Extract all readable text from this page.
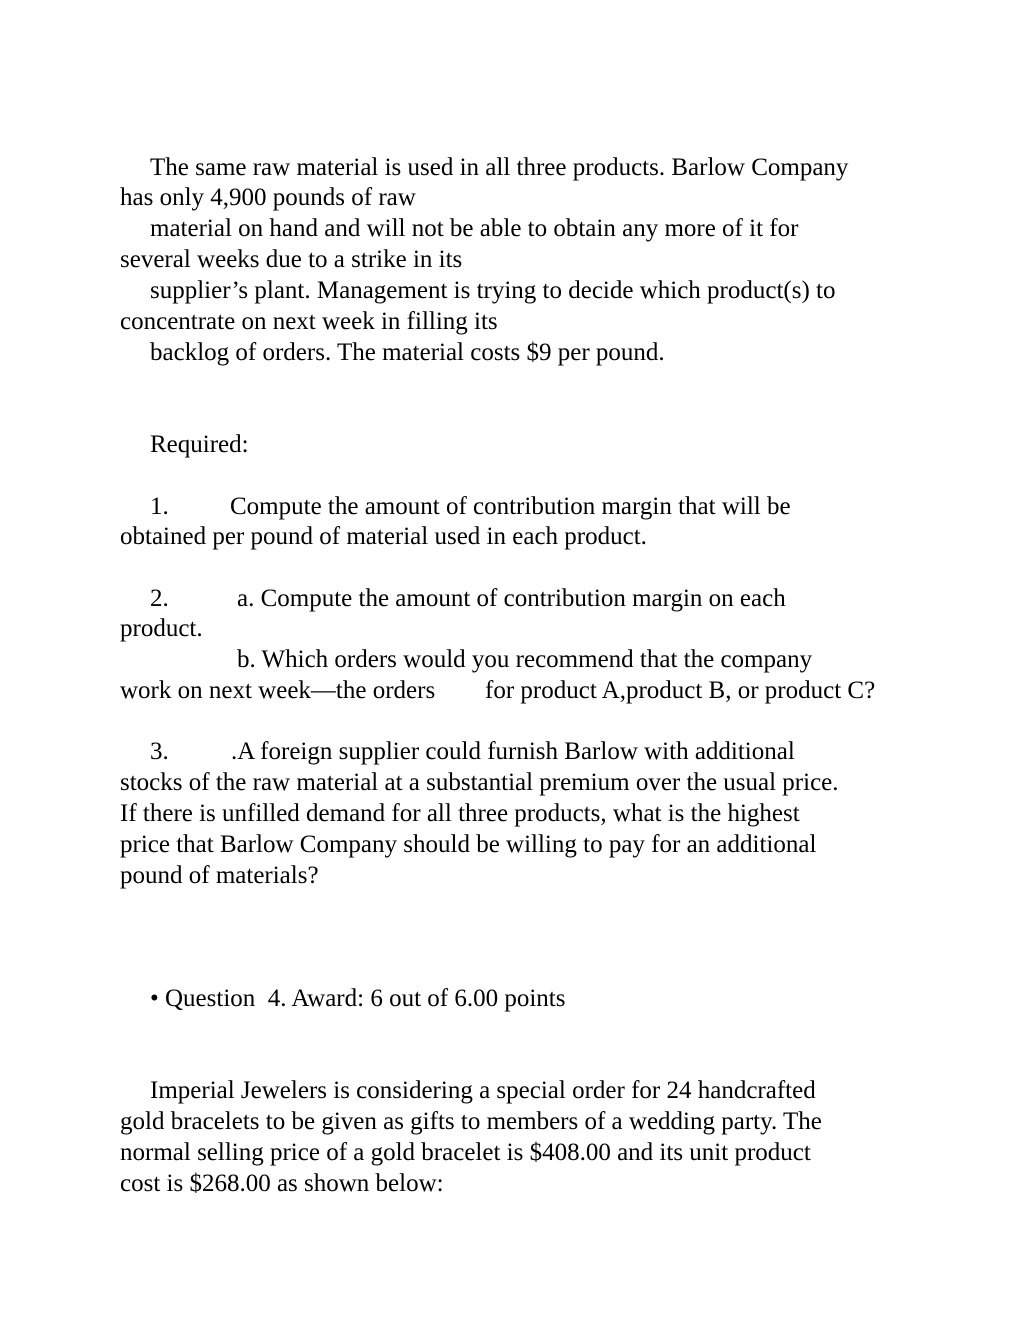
The same raw material is used in all three products. Barlow Company
has only 4,900 pounds of raw
material on hand and will not be able to obtain any more of it for
several weeks due to a strike in its
supplier’s plant. Management is trying to decide which product(s) to
concentrate on next week in filling its
backlog of orders. The material costs $9 per pound.
Required:
1. Compute the amount of contribution margin that will be
obtained per pound of material used in each product.
2.	a. Compute the amount of contribution margin on each
product.
b. Which orders would you recommend that the company
work on next week—the orders for product A,product B, or product C?
3. .A foreign supplier could furnish Barlow with additional
stocks of the raw material at a substantial premium over the usual price.
If there is unfilled demand for all three products, what is the highest
price that Barlow Company should be willing to pay for an additional
pound of materials?
• Question  4. Award: 6 out of 6.00 points
Imperial Jewelers is considering a special order for 24 handcrafted
gold bracelets to be given as gifts to members of a wedding party. The
normal selling price of a gold bracelet is $408.00 and its unit product
cost is $268.00 as shown below:
